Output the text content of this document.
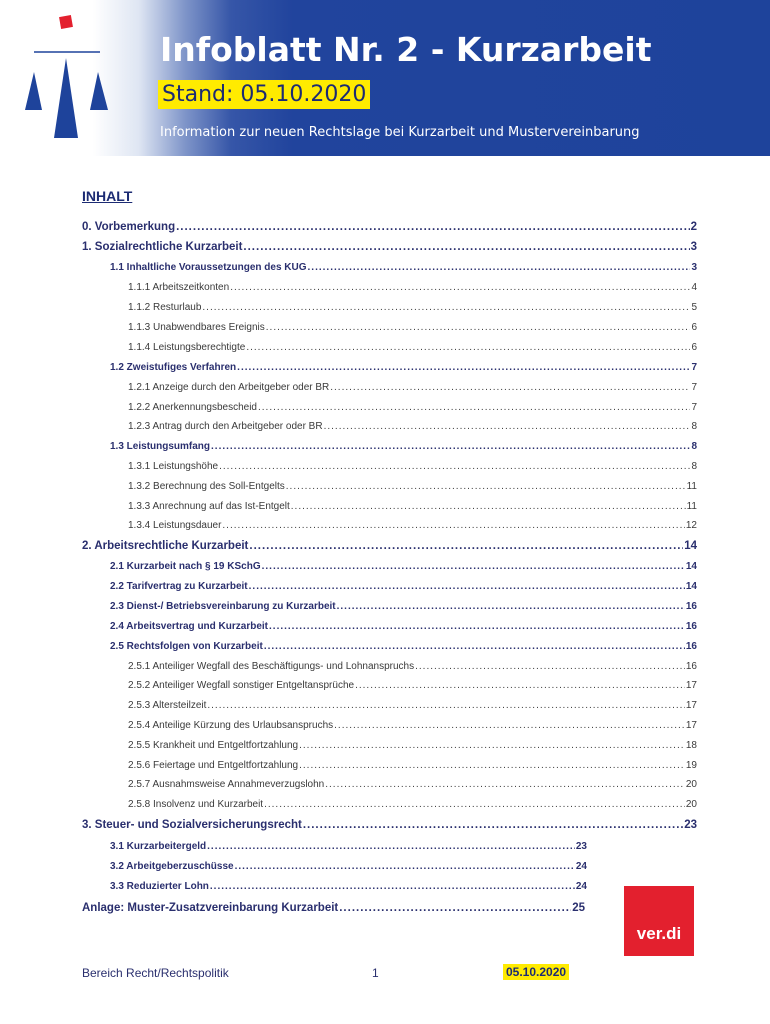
Infoblatt Nr. 2 - Kurzarbeit
Stand: 05.10.2020
Information zur neuen Rechtslage bei Kurzarbeit und Mustervereinbarung
INHALT
0. Vorbemerkung .....	2
1. Sozialrechtliche Kurzarbeit .....	3
1.1 Inhaltliche Voraussetzungen des KUG .....	3
1.1.1 Arbeitszeitkonten .....	4
1.1.2 Resturlaub .....	5
1.1.3 Unabwendbares Ereignis .....	6
1.1.4 Leistungsberechtigte .....	6
1.2 Zweistufiges Verfahren .....	7
1.2.1 Anzeige durch den Arbeitgeber oder BR .....	7
1.2.2 Anerkennungsbescheid .....	7
1.2.3 Antrag durch den Arbeitgeber oder BR .....	8
1.3 Leistungsumfang .....	8
1.3.1 Leistungshöhe .....	8
1.3.2 Berechnung des Soll-Entgelts .....	11
1.3.3 Anrechnung auf das Ist-Entgelt .....	11
1.3.4 Leistungsdauer .....	12
2. Arbeitsrechtliche Kurzarbeit .....	14
2.1 Kurzarbeit nach § 19 KSchG .....	14
2.2 Tarifvertrag zu Kurzarbeit .....	14
2.3 Dienst-/ Betriebsvereinbarung zu Kurzarbeit .....	16
2.4 Arbeitsvertrag und Kurzarbeit .....	16
2.5 Rechtsfolgen von Kurzarbeit .....	16
2.5.1 Anteiliger Wegfall des Beschäftigungs- und Lohnanspruchs .....	16
2.5.2 Anteiliger Wegfall sonstiger Entgeltansprüche .....	17
2.5.3 Altersteilzeit .....	17
2.5.4 Anteilige Kürzung des Urlaubsanspruchs .....	17
2.5.5 Krankheit und Entgeltfortzahlung .....	18
2.5.6 Feiertage und Entgeltfortzahlung .....	19
2.5.7 Ausnahmsweise Annahmeverzugslohn .....	20
2.5.8 Insolvenz und Kurzarbeit .....	20
3. Steuer- und Sozialversicherungsrecht .....	23
3.1 Kurzarbeitergeld .....	23
3.2 Arbeitgeberzuschüsse .....	24
3.3 Reduzierter Lohn .....	24
Anlage: Muster-Zusatzvereinbarung Kurzarbeit .....	25
ver.di
Bereich Recht/Rechtspolitik	1	05.10.2020
